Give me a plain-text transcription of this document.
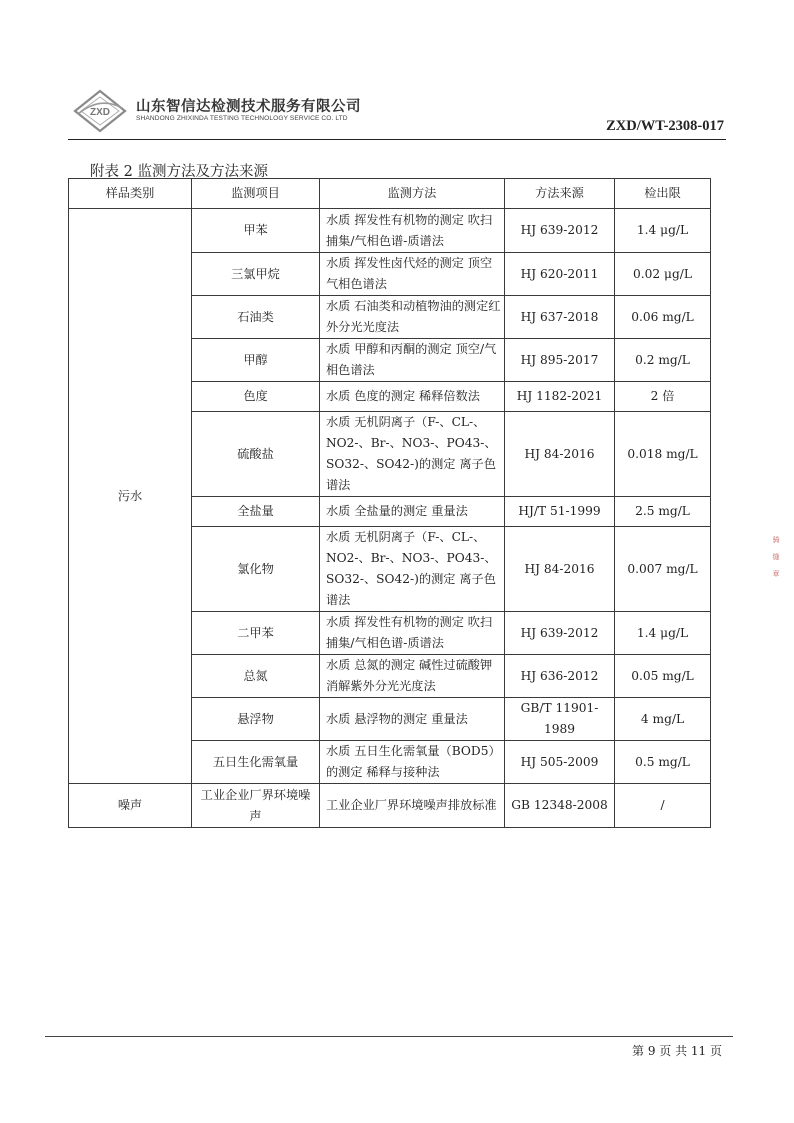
ZXD 山东智信达检测技术服务有限公司
SHANDONG ZHIXINDA TESTING TECHNOLOGY SERVICE CO. LTD	ZXD/WT-2308-017
附表 2 监测方法及方法来源
样品类别	监测项目	监测方法	方法来源	检出限
污水	甲苯	水质 挥发性有机物的测定 吹扫捕集/气相色谱-质谱法	HJ 639-2012	1.4 μg/L
	三氯甲烷	水质 挥发性卤代烃的测定 顶空气相色谱法	HJ 620-2011	0.02 μg/L
	石油类	水质 石油类和动植物油的测定红外分光光度法	HJ 637-2018	0.06 mg/L
	甲醇	水质 甲醇和丙酮的测定 顶空/气相色谱法	HJ 895-2017	0.2 mg/L
	色度	水质 色度的测定 稀释倍数法	HJ 1182-2021	2 倍
	硫酸盐	水质 无机阴离子（F-、CL-、NO2-、Br-、NO3-、PO43-、SO32-、SO42-)的测定 离子色谱法	HJ 84-2016	0.018 mg/L
	全盐量	水质 全盐量的测定 重量法	HJ/T 51-1999	2.5 mg/L
	氯化物	水质 无机阴离子（F-、CL-、NO2-、Br-、NO3-、PO43-、SO32-、SO42-)的测定 离子色谱法	HJ 84-2016	0.007 mg/L
	二甲苯	水质 挥发性有机物的测定 吹扫捕集/气相色谱-质谱法	HJ 639-2012	1.4 μg/L
	总氮	水质 总氮的测定 碱性过硫酸钾消解紫外分光光度法	HJ 636-2012	0.05 mg/L
	悬浮物	水质 悬浮物的测定 重量法	GB/T 11901-1989	4 mg/L
	五日生化需氧量	水质 五日生化需氧量（BOD5）的测定 稀释与接种法	HJ 505-2009	0.5 mg/L
噪声	工业企业厂界环境噪声	工业企业厂界环境噪声排放标准	GB 12348-2008	/
骑
缝
章
第 9 页 共 11 页
